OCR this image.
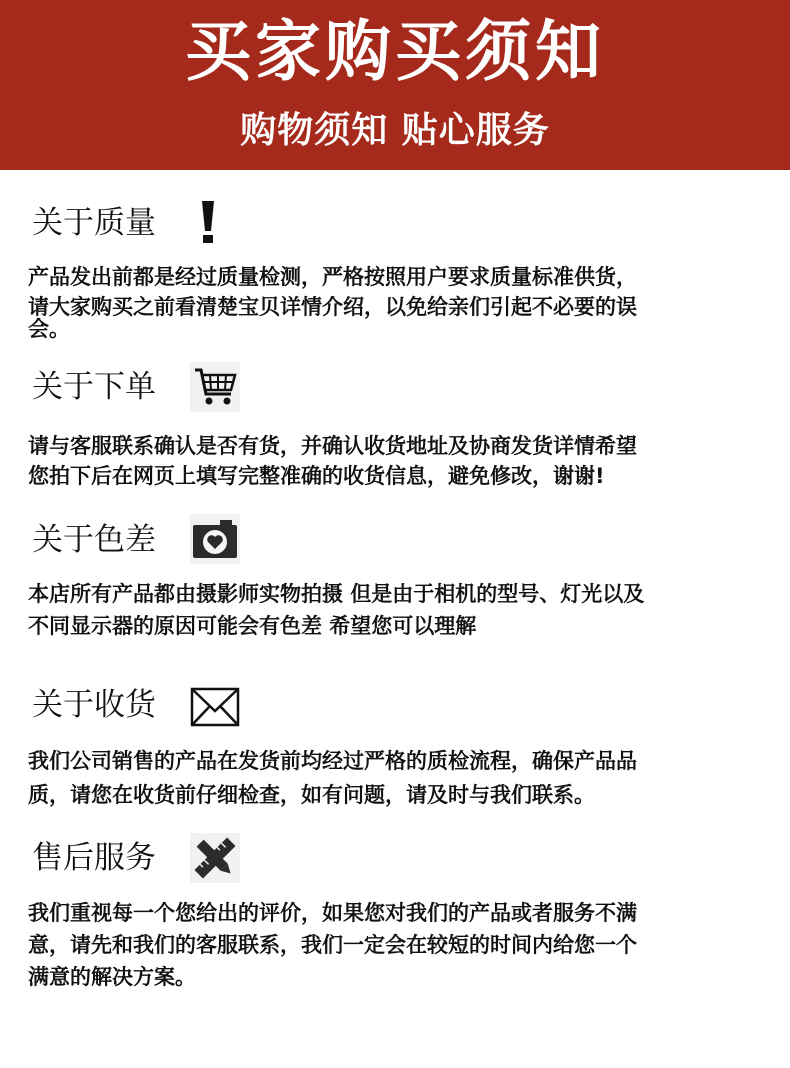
买家购买须知
购物须知 贴心服务
关于质量
产品发出前都是经过质量检测，严格按照用户要求质量标准供货，
请大家购买之前看清楚宝贝详情介绍，以免给亲们引起不必要的误
会。
关于下单
请与客服联系确认是否有货，并确认收货地址及协商发货详情希望
您拍下后在网页上填写完整准确的收货信息，避免修改，谢谢!
关于色差
本店所有产品都由摄影师实物拍摄 但是由于相机的型号、灯光以及
不同显示器的原因可能会有色差 希望您可以理解
关于收货
我们公司销售的产品在发货前均经过严格的质检流程，确保产品品
质，请您在收货前仔细检查，如有问题，请及时与我们联系。
售后服务
我们重视每一个您给出的评价，如果您对我们的产品或者服务不满
意，请先和我们的客服联系，我们一定会在较短的时间内给您一个
满意的解决方案。
